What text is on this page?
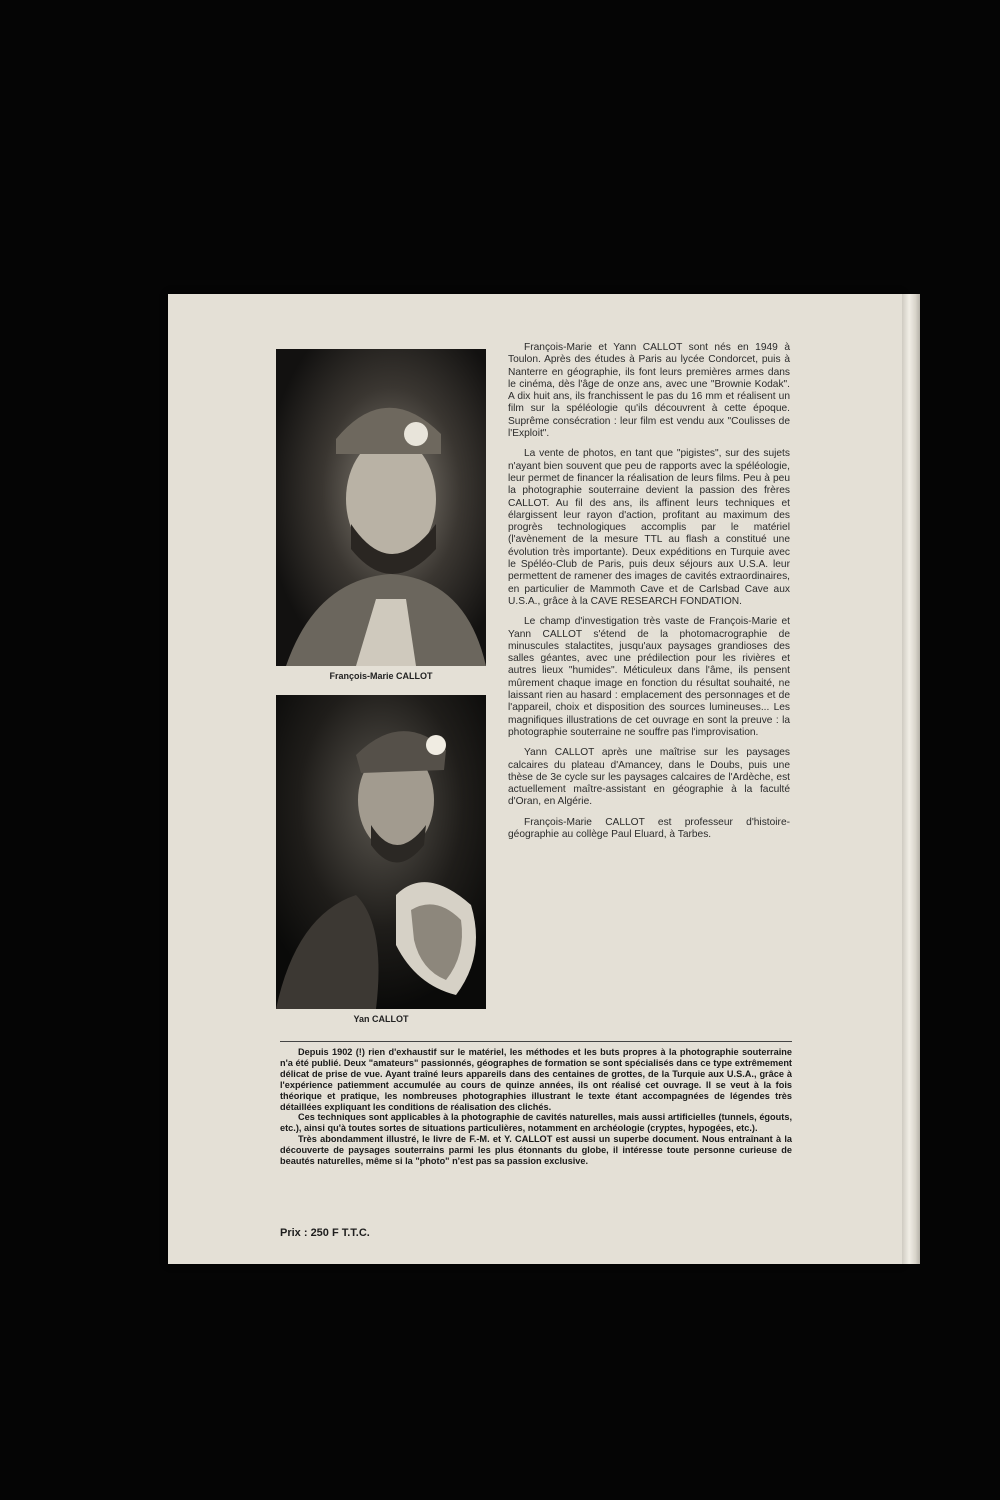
François-Marie CALLOT
Yan CALLOT

François-Marie et Yann CALLOT sont nés en 1949 à Toulon. Après des études à Paris au lycée Condorcet, puis à Nanterre en géographie, ils font leurs premières armes dans le cinéma, dès l'âge de onze ans, avec une "Brownie Kodak". A dix huit ans, ils franchissent le pas du 16 mm et réalisent un film sur la spéléologie qu'ils découvrent à cette époque. Suprême consécration : leur film est vendu aux "Coulisses de l'Exploit".

La vente de photos, en tant que "pigistes", sur des sujets n'ayant bien souvent que peu de rapports avec la spéléologie, leur permet de financer la réalisation de leurs films. Peu à peu la photographie souterraine devient la passion des frères CALLOT. Au fil des ans, ils affinent leurs techniques et élargissent leur rayon d'action, profitant au maximum des progrès technologiques accomplis par le matériel (l'avènement de la mesure TTL au flash a constitué une évolution très importante). Deux expéditions en Turquie avec le Spéléo-Club de Paris, puis deux séjours aux U.S.A. leur permettent de ramener des images de cavités extraordinaires, en particulier de Mammoth Cave et de Carlsbad Cave aux U.S.A., grâce à la CAVE RESEARCH FONDATION.

Le champ d'investigation très vaste de François-Marie et Yann CALLOT s'étend de la photomacrographie de minuscules stalactites, jusqu'aux paysages grandioses des salles géantes, avec une prédilection pour les rivières et autres lieux "humides". Méticuleux dans l'âme, ils pensent mûrement chaque image en fonction du résultat souhaité, ne laissant rien au hasard : emplacement des personnages et de l'appareil, choix et disposition des sources lumineuses... Les magnifiques illustrations de cet ouvrage en sont la preuve : la photographie souterraine ne souffre pas l'improvisation.

Yann CALLOT après une maîtrise sur les paysages calcaires du plateau d'Amancey, dans le Doubs, puis une thèse de 3e cycle sur les paysages calcaires de l'Ardèche, est actuellement maître-assistant en géographie à la faculté d'Oran, en Algérie.

François-Marie CALLOT est professeur d'histoire-géographie au collège Paul Eluard, à Tarbes.

Depuis 1902 (!) rien d'exhaustif sur le matériel, les méthodes et les buts propres à la photographie souterraine n'a été publié. Deux "amateurs" passionnés, géographes de formation se sont spécialisés dans ce type extrêmement délicat de prise de vue. Ayant traîné leurs appareils dans des centaines de grottes, de la Turquie aux U.S.A., grâce à l'expérience patiemment accumulée au cours de quinze années, ils ont réalisé cet ouvrage. Il se veut à la fois théorique et pratique, les nombreuses photographies illustrant le texte étant accompagnées de légendes très détaillées expliquant les conditions de réalisation des clichés.

Ces techniques sont applicables à la photographie de cavités naturelles, mais aussi artificielles (tunnels, égouts, etc.), ainsi qu'à toutes sortes de situations particulières, notamment en archéologie (cryptes, hypogées, etc.).

Très abondamment illustré, le livre de F.-M. et Y. CALLOT est aussi un superbe document. Nous entraînant à la découverte de paysages souterrains parmi les plus étonnants du globe, il intéresse toute personne curieuse de beautés naturelles, même si la "photo" n'est pas sa passion exclusive.

Prix : 250 F T.T.C.
